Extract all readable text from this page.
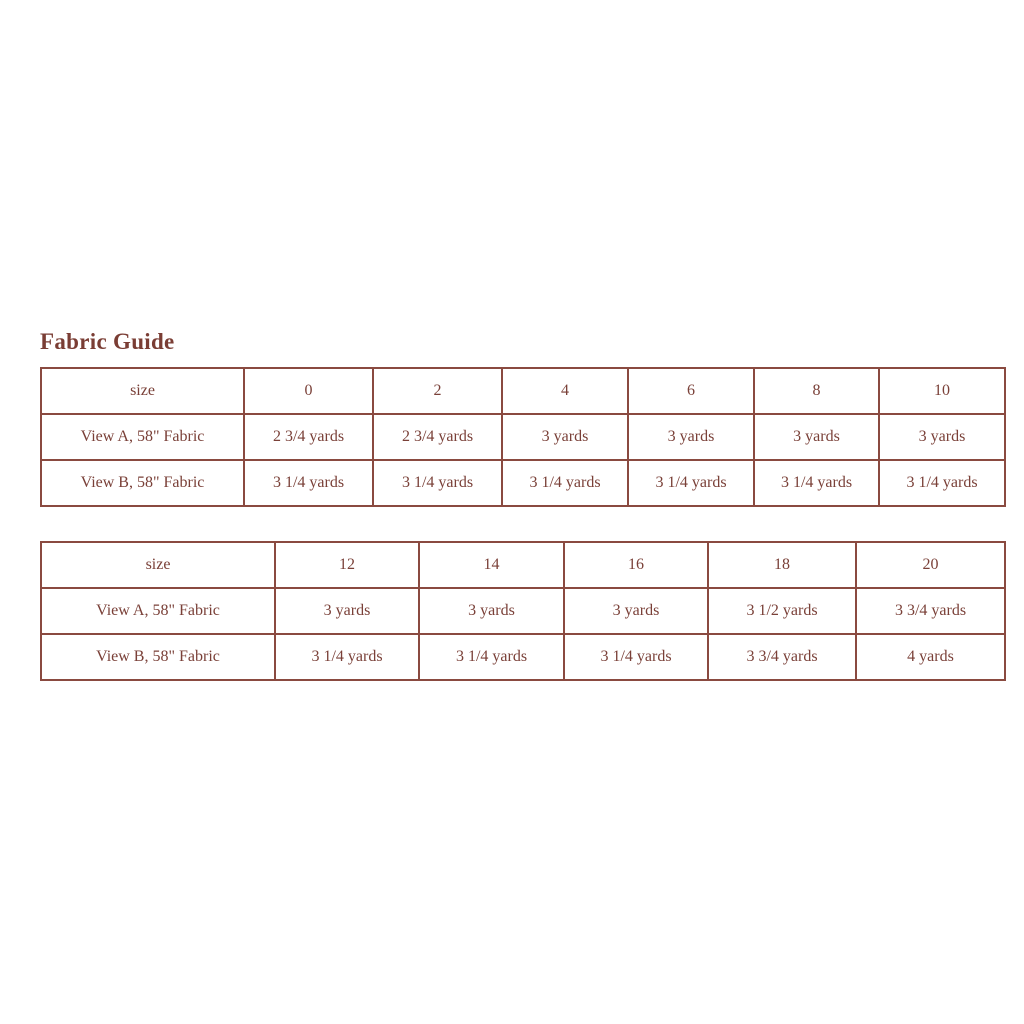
Fabric Guide
size	0	2	4	6	8	10
View A, 58" Fabric	2 3/4 yards	2 3/4 yards	3 yards	3 yards	3 yards	3 yards
View B, 58" Fabric	3 1/4 yards	3 1/4 yards	3 1/4 yards	3 1/4 yards	3 1/4 yards	3 1/4 yards
size	12	14	16	18	20
View A, 58" Fabric	3 yards	3 yards	3 yards	3 1/2 yards	3 3/4 yards
View B, 58" Fabric	3 1/4 yards	3 1/4 yards	3 1/4 yards	3 3/4 yards	4 yards
